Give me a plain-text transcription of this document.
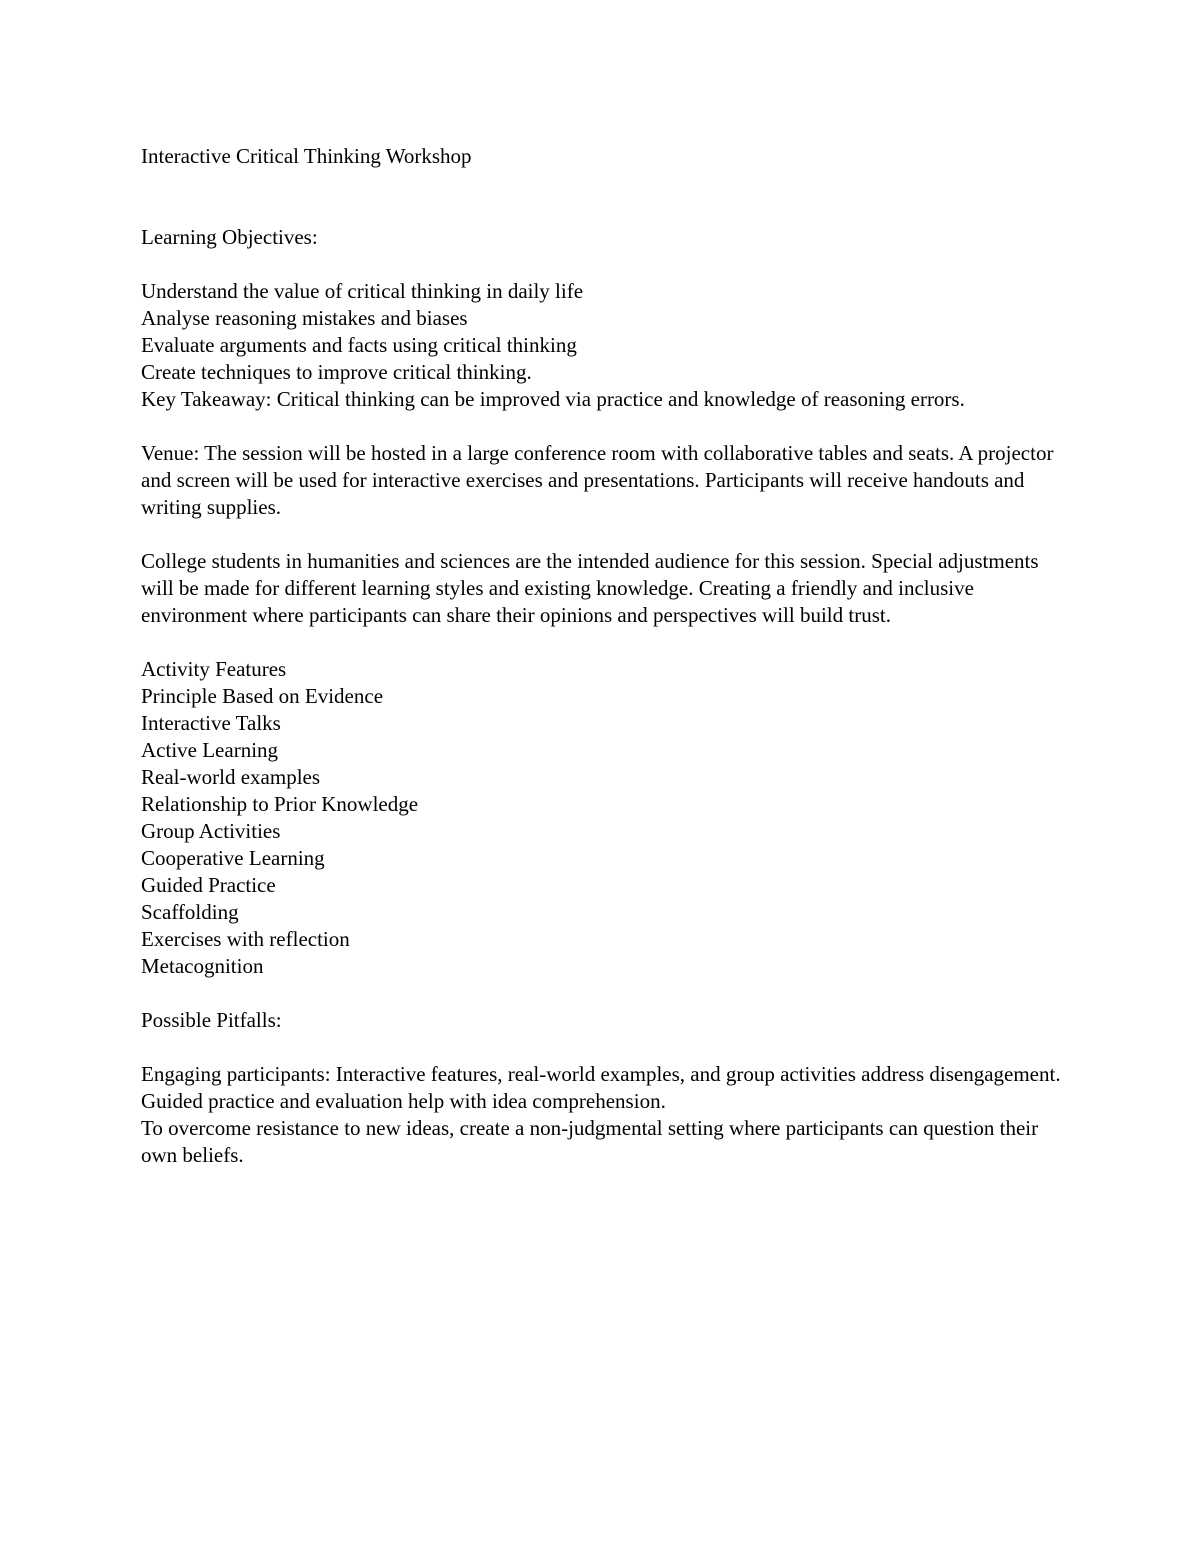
Interactive Critical Thinking Workshop

Learning Objectives:

Understand the value of critical thinking in daily life

Analyse reasoning mistakes and biases

Evaluate arguments and facts using critical thinking

Create techniques to improve critical thinking.

Key Takeaway: Critical thinking can be improved via practice and knowledge of reasoning errors.

Venue: The session will be hosted in a large conference room with collaborative tables and seats. A projector and screen will be used for interactive exercises and presentations. Participants will receive handouts and writing supplies.

College students in humanities and sciences are the intended audience for this session. Special adjustments will be made for different learning styles and existing knowledge. Creating a friendly and inclusive environment where participants can share their opinions and perspectives will build trust.

Activity Features

Principle Based on Evidence

Interactive Talks

Active Learning

Real-world examples

Relationship to Prior Knowledge

Group Activities

Cooperative Learning

Guided Practice

Scaffolding

Exercises with reflection

Metacognition

Possible Pitfalls:

Engaging participants: Interactive features, real-world examples, and group activities address disengagement.

Guided practice and evaluation help with idea comprehension.

To overcome resistance to new ideas, create a non-judgmental setting where participants can question their own beliefs.
